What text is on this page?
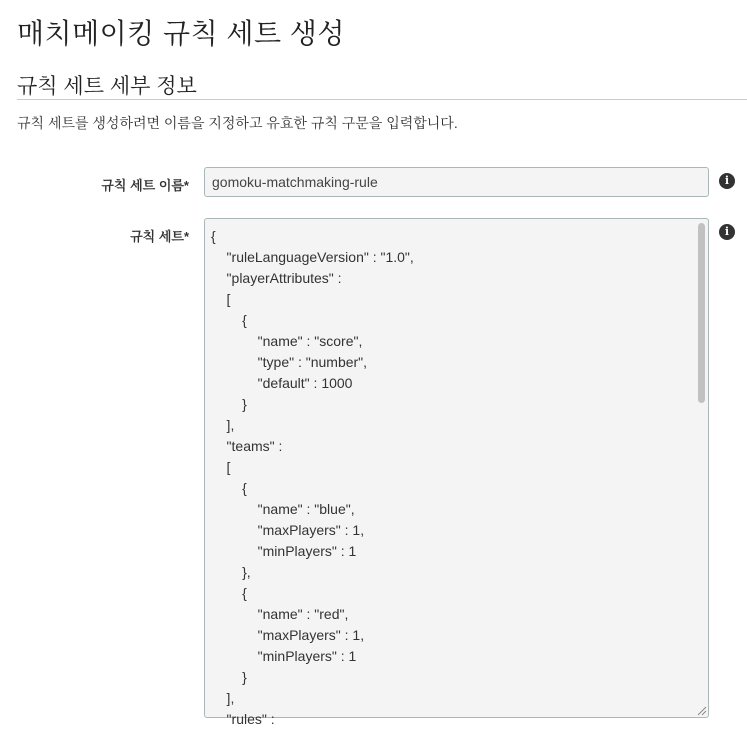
매치메이킹 규칙 세트 생성
규칙 세트 세부 정보

규칙 세트를 생성하려면 이름을 지정하고 유효한 규칙 구문을 입력합니다.

규칙 세트 이름*	gomoku-matchmaking-rule	i
규칙 세트* {
"ruleLanguageVersion" : "1.0",
"playerAttributes" :
[
{
"name" : "score",
"type" : "number",
"default" : 1000
}
],
"teams" :
[
{
"name" : "blue",
"maxPlayers" : 1,
"minPlayers" : 1
},
{
"name" : "red",
"maxPlayers" : 1,
"minPlayers" : 1
}
],
"rules" :
i
